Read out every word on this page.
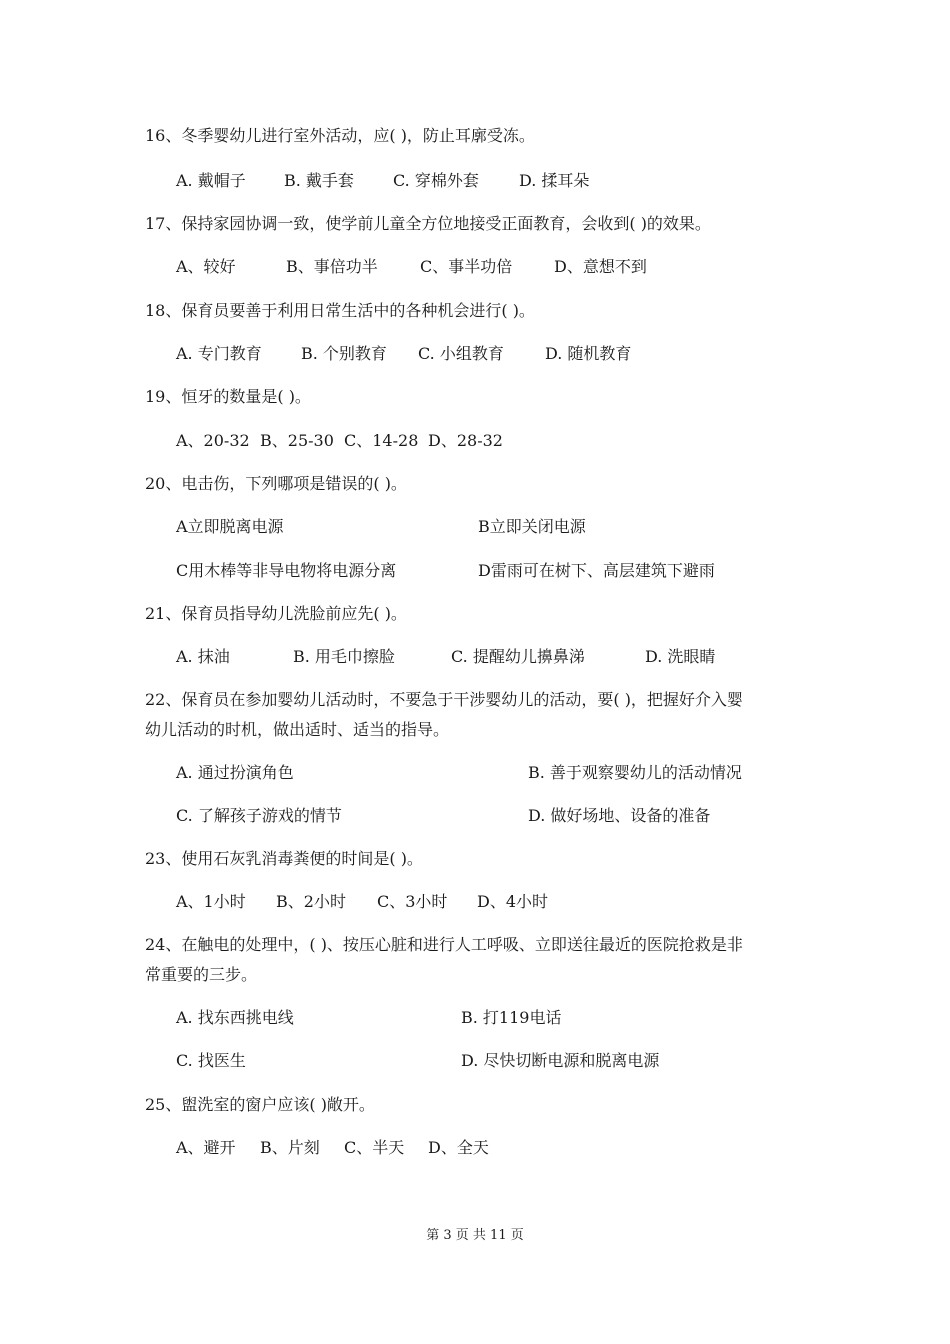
16、冬季婴幼儿进行室外活动，应( )，防止耳廓受冻。
A. 戴帽子 B. 戴手套 C. 穿棉外套	D. 揉耳朵
17、保持家园协调一致，使学前儿童全方位地接受正面教育，会收到( )的效果。
A、较好	B、事倍功半	C、事半功倍	D、意想不到
18、保育员要善于利用日常生活中的各种机会进行( )。
A. 专门教育 B. 个别教育 C. 小组教育	D. 随机教育
19、恒牙的数量是( )。
A、20-32 B、25-30 C、14-28 D、28-32
20、电击伤，下列哪项是错误的( )。
A立即脱离电源	B立即关闭电源
C用木棒等非导电物将电源分离	D雷雨可在树下、高层建筑下避雨
21、保育员指导幼儿洗脸前应先( )。
A. 抹油	B. 用毛巾擦脸	C. 提醒幼儿擤鼻涕	D. 洗眼睛
22、保育员在参加婴幼儿活动时，不要急于干涉婴幼儿的活动，要( )，把握好介入婴
幼儿活动的时机，做出适时、适当的指导。
A. 通过扮演角色	B. 善于观察婴幼儿的活动情况
C. 了解孩子游戏的情节	D. 做好场地、设备的准备
23、使用石灰乳消毒粪便的时间是( )。
A、1小时 B、2小时 C、3小时 D、4小时
24、在触电的处理中，( )、按压心脏和进行人工呼吸、立即送往最近的医院抢救是非
常重要的三步。
A. 找东西挑电线	B. 打119电话
C. 找医生	D. 尽快切断电源和脱离电源
25、盥洗室的窗户应该( )敞开。
A、避开 B、片刻 C、半天 D、全天
第 3 页 共 11 页
